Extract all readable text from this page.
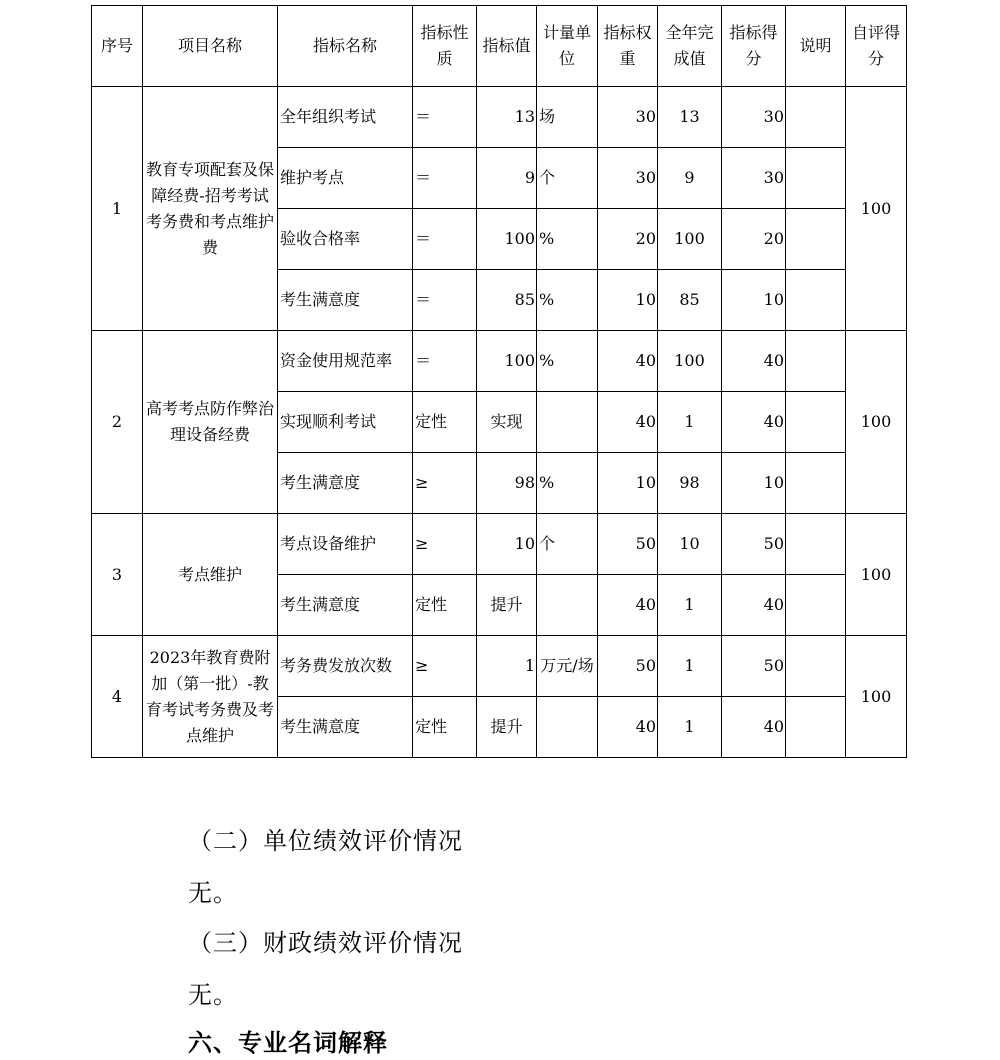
序号	项目名称	指标名称	指标性质	指标值	计量单位	指标权重	全年完成值	指标得分	说明	自评得分
1	教育专项配套及保障经费-招考考试考务费和考点维护费	全年组织考试	＝	13	场	30	13	30		100
		维护考点	＝	9	个	30	9	30		
		验收合格率	＝	100	%	20	100	20		
		考生满意度	＝	85	%	10	85	10		
2	高考考点防作弊治理设备经费	资金使用规范率	＝	100	%	40	100	40		100
		实现顺利考试	定性	实现		40	1	40		
		考生满意度	≥	98	%	10	98	10		
3	考点维护	考点设备维护	≥	10	个	50	10	50		100
		考生满意度	定性	提升		40	1	40		
4	2023年教育费附加（第一批）-教育考试考务费及考点维护	考务费发放次数	≥	1	万元/场	50	1	50		100
		考生满意度	定性	提升		40	1	40		

（二）单位绩效评价情况

无。

（三）财政绩效评价情况

无。

六、专业名词解释
